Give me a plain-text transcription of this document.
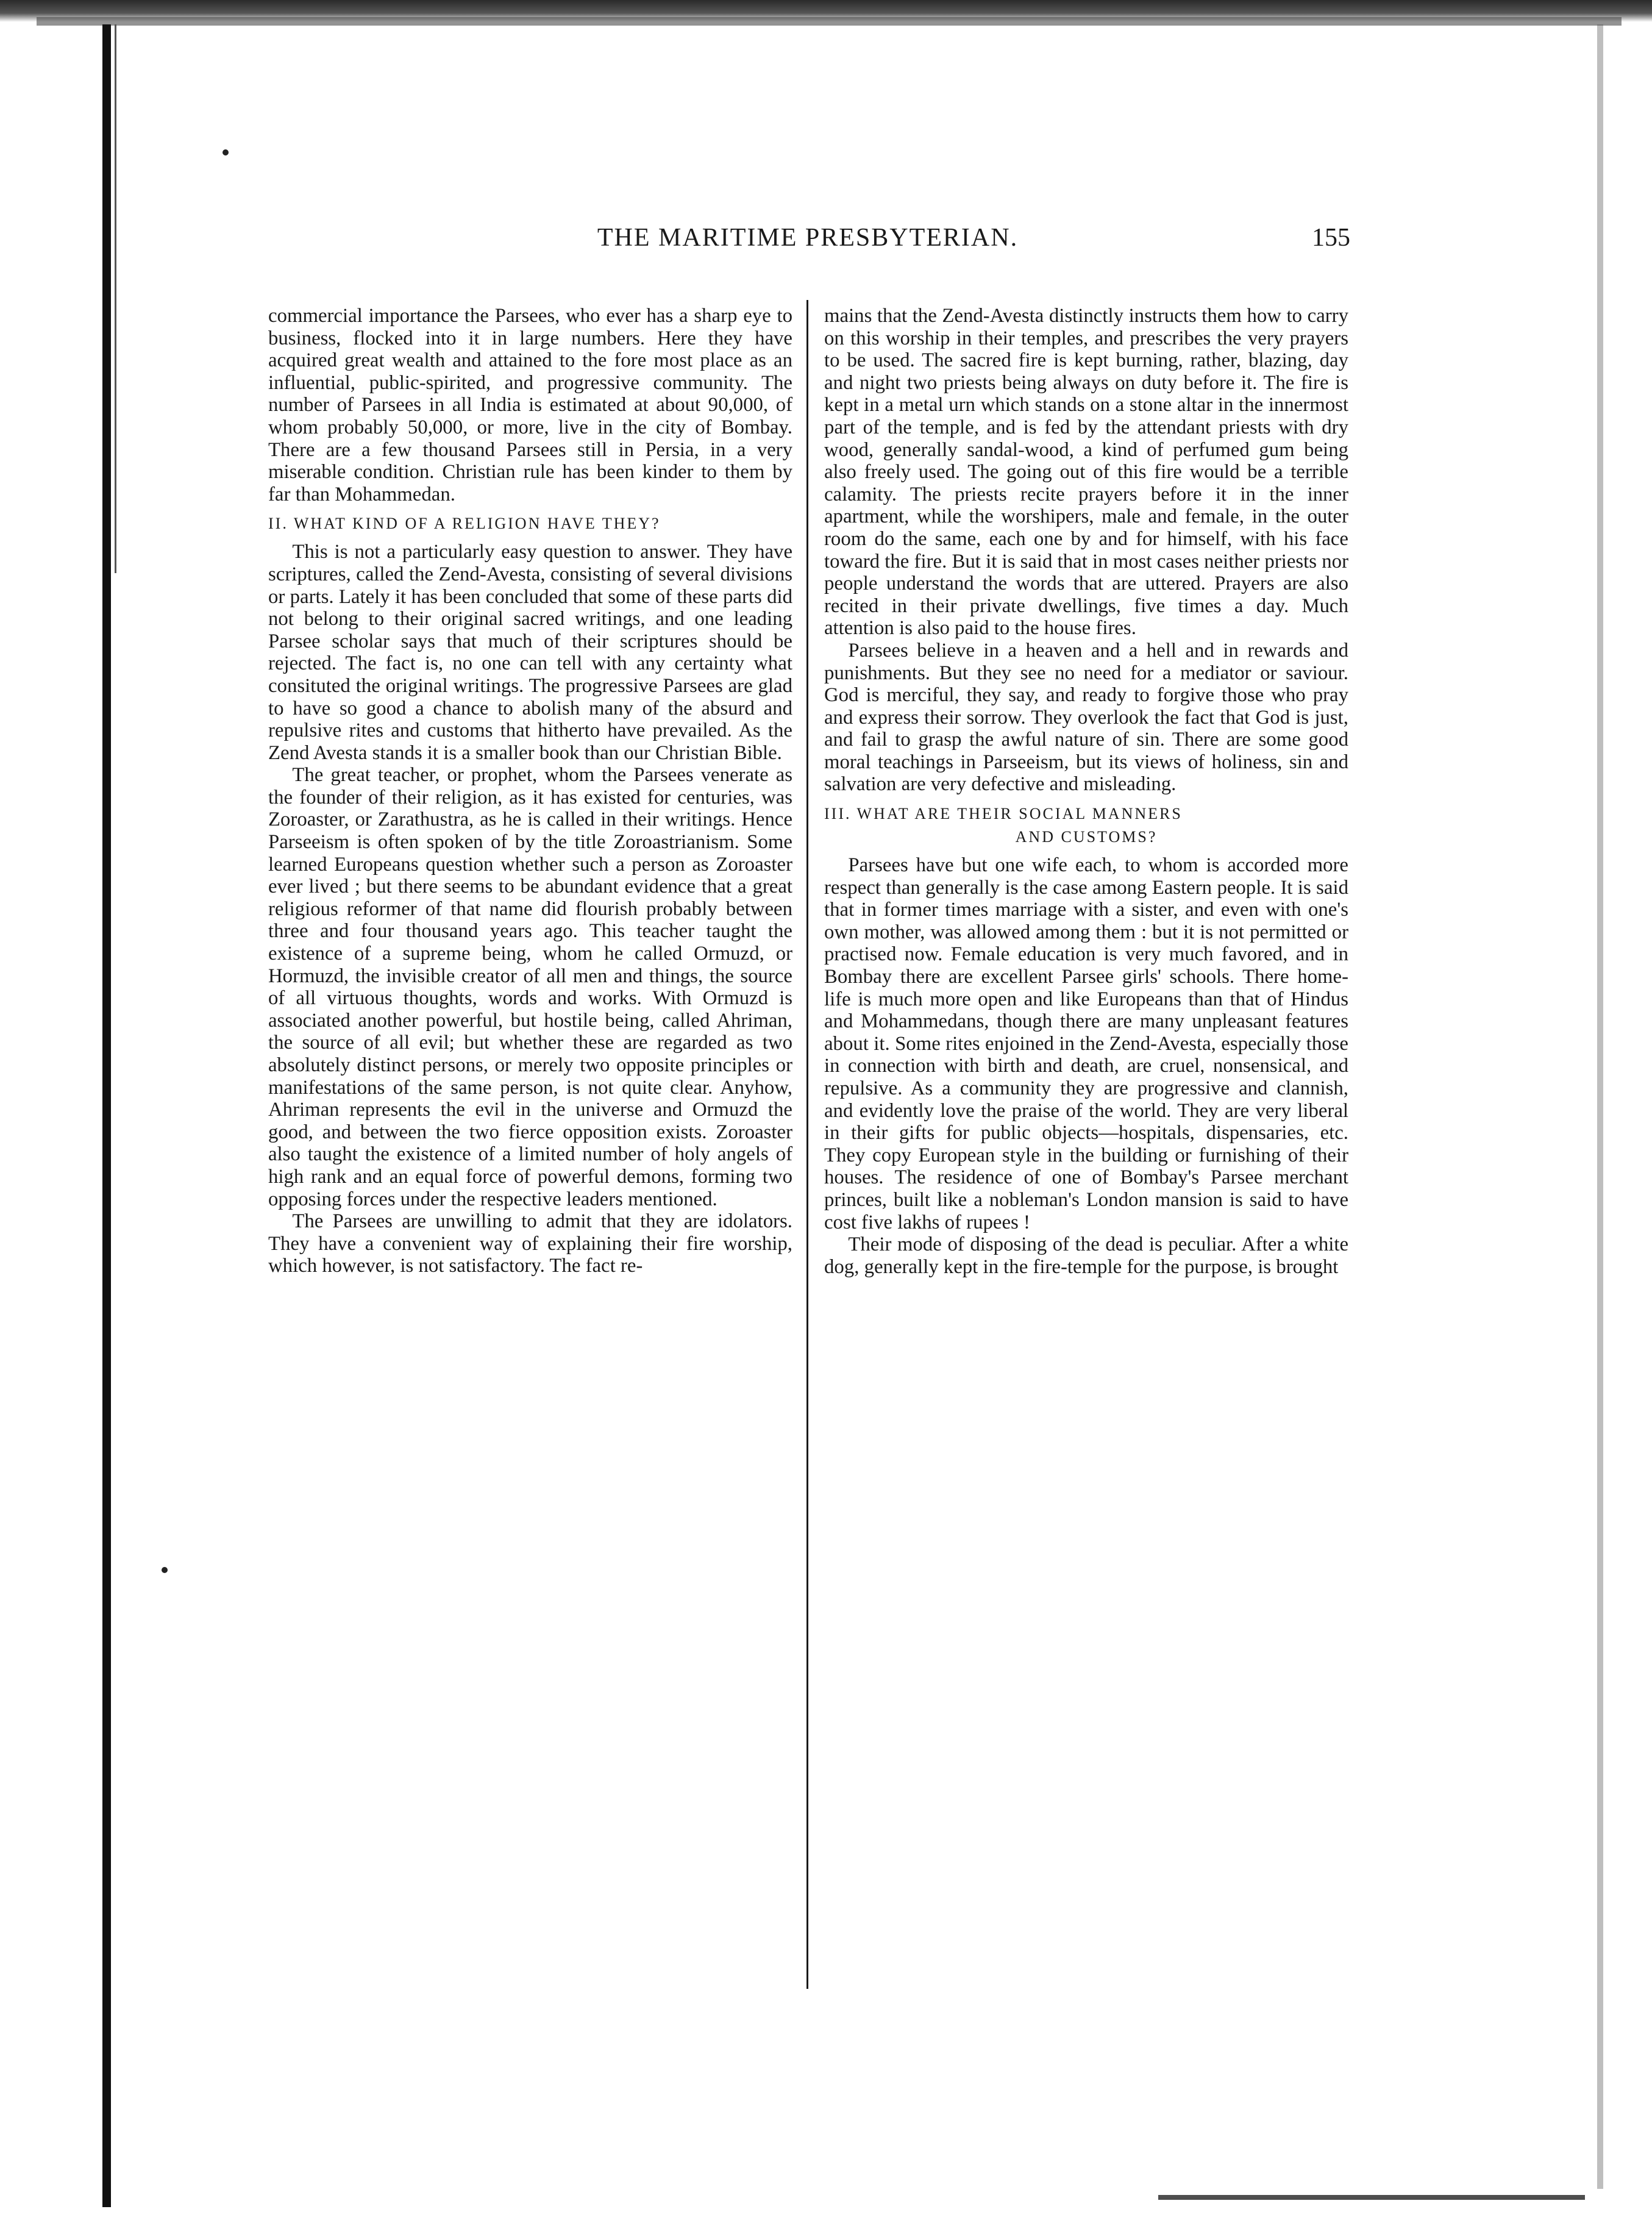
THE MARITIME PRESBYTERIAN.	155

commercial importance the Parsees, who ever has a sharp eye to business, flocked into it in large numbers. Here they have acquired great wealth and attained to the fore most place as an influential, public-spirited, and progressive community. The number of Parsees in all India is estimated at about 90,000, of whom probably 50,000, or more, live in the city of Bombay. There are a few thousand Parsees still in Persia, in a very miserable condition. Christian rule has been kinder to them by far than Mohammedan.

II. WHAT KIND OF A RELIGION HAVE THEY?

This is not a particularly easy question to answer. They have scriptures, called the Zend-Avesta, consisting of several divisions or parts. Lately it has been concluded that some of these parts did not belong to their original sacred writings, and one leading Parsee scholar says that much of their scriptures should be rejected. The fact is, no one can tell with any certainty what consituted the original writings. The progressive Parsees are glad to have so good a chance to abolish many of the absurd and repulsive rites and customs that hitherto have prevailed. As the Zend Avesta stands it is a smaller book than our Christian Bible.

The great teacher, or prophet, whom the Parsees venerate as the founder of their religion, as it has existed for centuries, was Zoroaster, or Zarathustra, as he is called in their writings. Hence Parseeism is often spoken of by the title Zoroastrianism. Some learned Europeans question whether such a person as Zoroaster ever lived ; but there seems to be abundant evidence that a great religious reformer of that name did flourish probably between three and four thousand years ago. This teacher taught the existence of a supreme being, whom he called Ormuzd, or Hormuzd, the invisible creator of all men and things, the source of all virtuous thoughts, words and works. With Ormuzd is associated another powerful, but hostile being, called Ahriman, the source of all evil; but whether these are regarded as two absolutely distinct persons, or merely two opposite principles or manifestations of the same person, is not quite clear. Anyhow, Ahriman represents the evil in the universe and Ormuzd the good, and between the two fierce opposition exists. Zoroaster also taught the existence of a limited number of holy angels of high rank and an equal force of powerful demons, forming two opposing forces under the respective leaders mentioned.

The Parsees are unwilling to admit that they are idolators. They have a convenient way of explaining their fire worship, which however, is not satisfactory. The fact re-

mains that the Zend-Avesta distinctly instructs them how to carry on this worship in their temples, and prescribes the very prayers to be used. The sacred fire is kept burning, rather, blazing, day and night two priests being always on duty before it. The fire is kept in a metal urn which stands on a stone altar in the innermost part of the temple, and is fed by the attendant priests with dry wood, generally sandal-wood, a kind of perfumed gum being also freely used. The going out of this fire would be a terrible calamity. The priests recite prayers before it in the inner apartment, while the worshipers, male and female, in the outer room do the same, each one by and for himself, with his face toward the fire. But it is said that in most cases neither priests nor people understand the words that are uttered. Prayers are also recited in their private dwellings, five times a day. Much attention is also paid to the house fires.

Parsees believe in a heaven and a hell and in rewards and punishments. But they see no need for a mediator or saviour. God is merciful, they say, and ready to forgive those who pray and express their sorrow. They overlook the fact that God is just, and fail to grasp the awful nature of sin. There are some good moral teachings in Parseeism, but its views of holiness, sin and salvation are very defective and misleading.

III. WHAT ARE THEIR SOCIAL MANNERS
AND CUSTOMS?

Parsees have but one wife each, to whom is accorded more respect than generally is the case among Eastern people. It is said that in former times marriage with a sister, and even with one's own mother, was allowed among them : but it is not permitted or practised now. Female education is very much favored, and in Bombay there are excellent Parsee girls' schools. There home-life is much more open and like Europeans than that of Hindus and Mohammedans, though there are many unpleasant features about it. Some rites enjoined in the Zend-Avesta, especially those in connection with birth and death, are cruel, nonsensical, and repulsive. As a community they are progressive and clannish, and evidently love the praise of the world. They are very liberal in their gifts for public objects—hospitals, dispensaries, etc. They copy European style in the building or furnishing of their houses. The residence of one of Bombay's Parsee merchant princes, built like a nobleman's London mansion is said to have cost five lakhs of rupees !

Their mode of disposing of the dead is peculiar. After a white dog, generally kept in the fire-temple for the purpose, is brought
